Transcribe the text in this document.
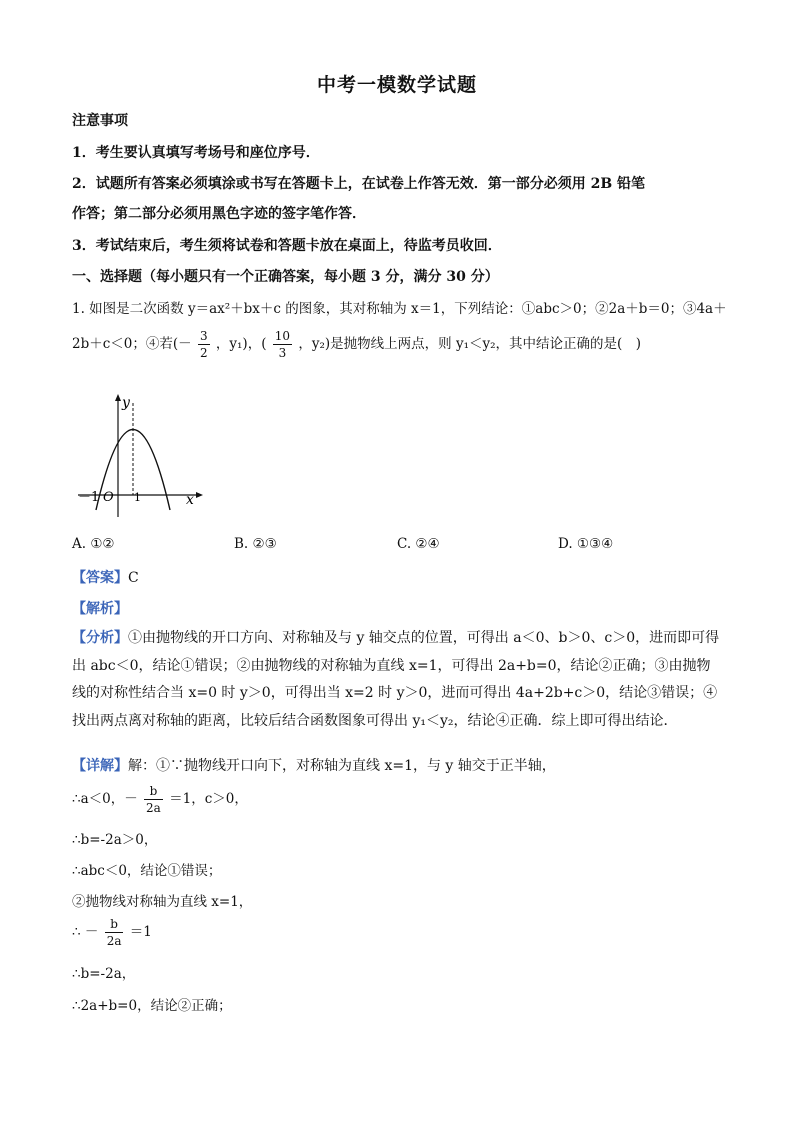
中考一模数学试题
注意事项
1．考生要认真填写考场号和座位序号．
2．试题所有答案必须填涂或书写在答题卡上，在试卷上作答无效．第一部分必须用 2B 铅笔
作答；第二部分必须用黑色字迹的签字笔作答．
3．考试结束后，考生须将试卷和答题卡放在桌面上，待监考员收回．
一、选择题（每小题只有一个正确答案，每小题 3 分，满分 30 分）
1. 如图是二次函数 y＝ax²＋bx＋c 的图象，其对称轴为 x＝1，下列结论：①abc＞0；②2a＋b＝0；③4a＋
2b＋c＜0；④若(－ $\frac{3}{2}$ ，y₁)，( $\frac{10}{3}$ ，y₂)是抛物线上两点，则 y₁＜y₂，其中结论正确的是(　)
y
x
－1 O 1
A. ①②	B. ②③	C. ②④	D. ①③④
【答案】C
【解析】
【分析】①由抛物线的开口方向、对称轴及与 y 轴交点的位置，可得出 a＜0、b＞0、c＞0，进而即可得出 abc＜0，结论①错误；②由抛物线的对称轴为直线 x=1，可得出 2a+b=0，结论②正确；③由抛物线的对称性结合当 x=0 时 y＞0，可得出当 x=2 时 y＞0，进而可得出 4a+2b+c＞0，结论③错误；④找出两点离对称轴的距离，比较后结合函数图象可得出 y₁＜y₂，结论④正确．综上即可得出结论．
【详解】解：①∵抛物线开口向下，对称轴为直线 x=1，与 y 轴交于正半轴，
∴a＜0，－ $\frac{b}{2a} =1$，c＞0，
∴b=-2a＞0，
∴abc＜0，结论①错误；
②抛物线对称轴为直线 x=1，
∴ － $\frac{b}{2a} =1$
∴b=-2a，
∴2a+b=0，结论②正确；
